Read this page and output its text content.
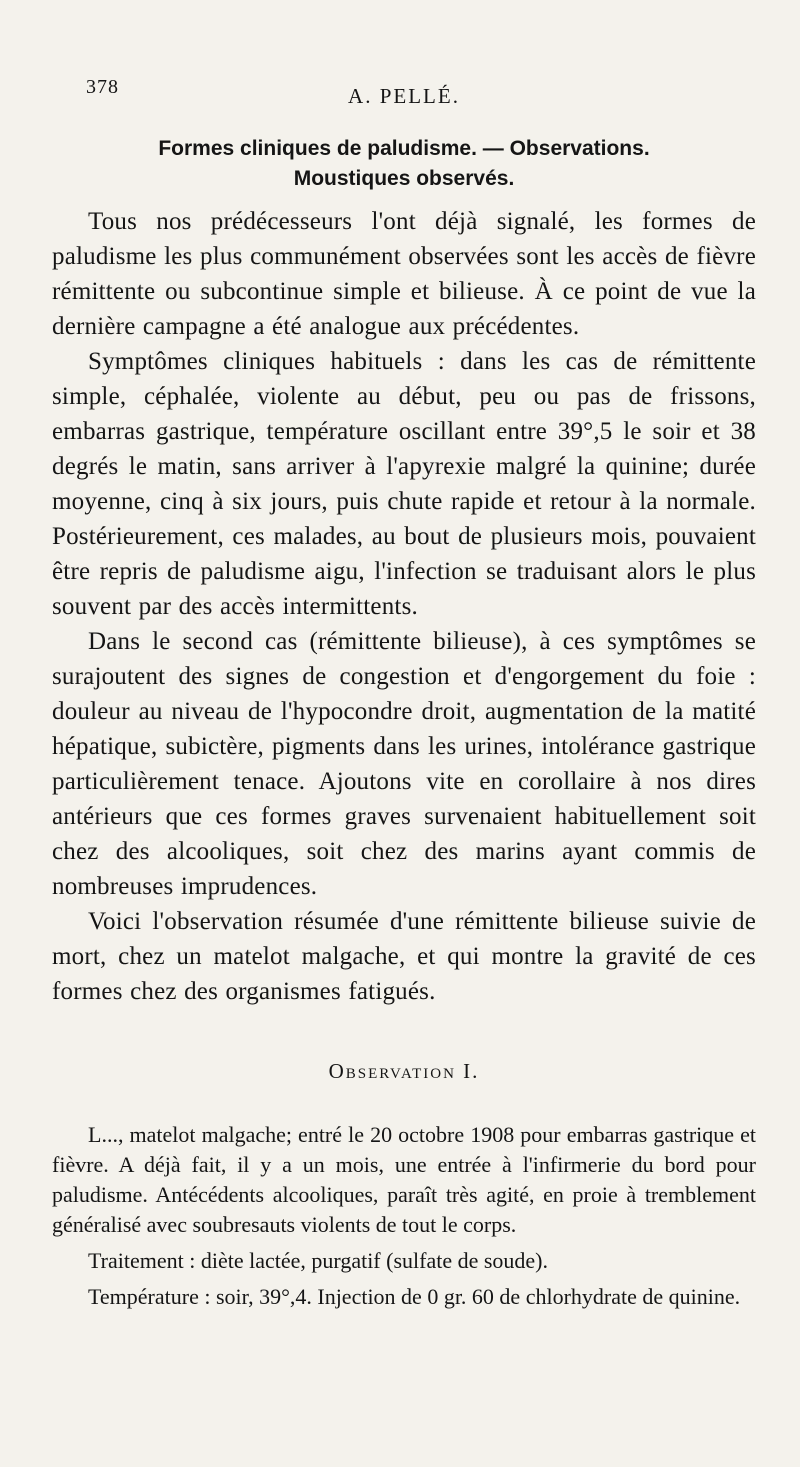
378	A. PELLÉ.
Formes cliniques de paludisme. — Observations.
Moustiques observés.

Tous nos prédécesseurs l'ont déjà signalé, les formes de paludisme les plus communément observées sont les accès de fièvre rémittente ou subcontinue simple et bilieuse. À ce point de vue la dernière campagne a été analogue aux précédentes.

Symptômes cliniques habituels : dans les cas de rémittente simple, céphalée, violente au début, peu ou pas de frissons, embarras gastrique, température oscillant entre 39°,5 le soir et 38 degrés le matin, sans arriver à l'apyrexie malgré la quinine; durée moyenne, cinq à six jours, puis chute rapide et retour à la normale. Postérieurement, ces malades, au bout de plusieurs mois, pouvaient être repris de paludisme aigu, l'infection se traduisant alors le plus souvent par des accès intermittents.

Dans le second cas (rémittente bilieuse), à ces symptômes se surajoutent des signes de congestion et d'engorgement du foie : douleur au niveau de l'hypocondre droit, augmentation de la matité hépatique, subictère, pigments dans les urines, intolérance gastrique particulièrement tenace. Ajoutons vite en corollaire à nos dires antérieurs que ces formes graves survenaient habituellement soit chez des alcooliques, soit chez des marins ayant commis de nombreuses imprudences.

Voici l'observation résumée d'une rémittente bilieuse suivie de mort, chez un matelot malgache, et qui montre la gravité de ces formes chez des organismes fatigués.

Observation I.

L..., matelot malgache; entré le 20 octobre 1908 pour embarras gastrique et fièvre. A déjà fait, il y a un mois, une entrée à l'infirmerie du bord pour paludisme. Antécédents alcooliques, paraît très agité, en proie à tremblement généralisé avec soubresauts violents de tout le corps.

Traitement : diète lactée, purgatif (sulfate de soude).

Température : soir, 39°,4. Injection de 0 gr. 60 de chlorhydrate de quinine.
